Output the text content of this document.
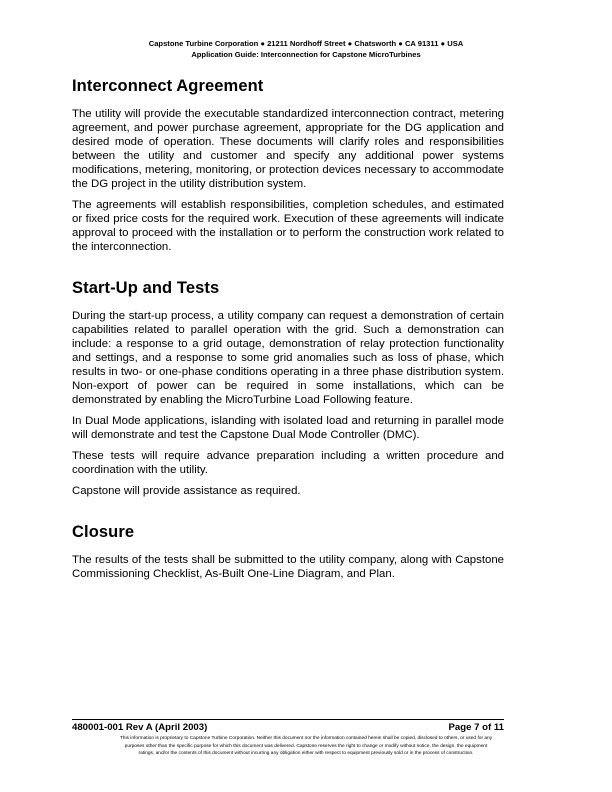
Capstone Turbine Corporation ● 21211 Nordhoff Street ● Chatsworth ● CA 91311 ● USA
Application Guide: Interconnection for Capstone MicroTurbines
Interconnect Agreement

The utility will provide the executable standardized interconnection contract, metering agreement, and power purchase agreement, appropriate for the DG application and desired mode of operation. These documents will clarify roles and responsibilities between the utility and customer and specify any additional power systems modifications, metering, monitoring, or protection devices necessary to accommodate the DG project in the utility distribution system.

The agreements will establish responsibilities, completion schedules, and estimated or fixed price costs for the required work. Execution of these agreements will indicate approval to proceed with the installation or to perform the construction work related to the interconnection.

Start-Up and Tests

During the start-up process, a utility company can request a demonstration of certain capabilities related to parallel operation with the grid. Such a demonstration can include: a response to a grid outage, demonstration of relay protection functionality and settings, and a response to some grid anomalies such as loss of phase, which results in two- or one-phase conditions operating in a three phase distribution system. Non-export of power can be required in some installations, which can be demonstrated by enabling the MicroTurbine Load Following feature.

In Dual Mode applications, islanding with isolated load and returning in parallel mode will demonstrate and test the Capstone Dual Mode Controller (DMC).

These tests will require advance preparation including a written procedure and coordination with the utility.

Capstone will provide assistance as required.

Closure

The results of the tests shall be submitted to the utility company, along with Capstone Commissioning Checklist, As-Built One-Line Diagram, and Plan.

480001-001 Rev A (April 2003)	Page 7 of 11
This information is proprietary to Capstone Turbine Corporation. Neither this document nor the information contained herein shall be copied, disclosed to others, or used for any
purposes other than the specific purpose for which this document was delivered. Capstone reserves the right to change or modify without notice, the design, the equipment
ratings, and/or the contents of this document without incurring any obligation either with respect to equipment previously sold or in the process of construction.
